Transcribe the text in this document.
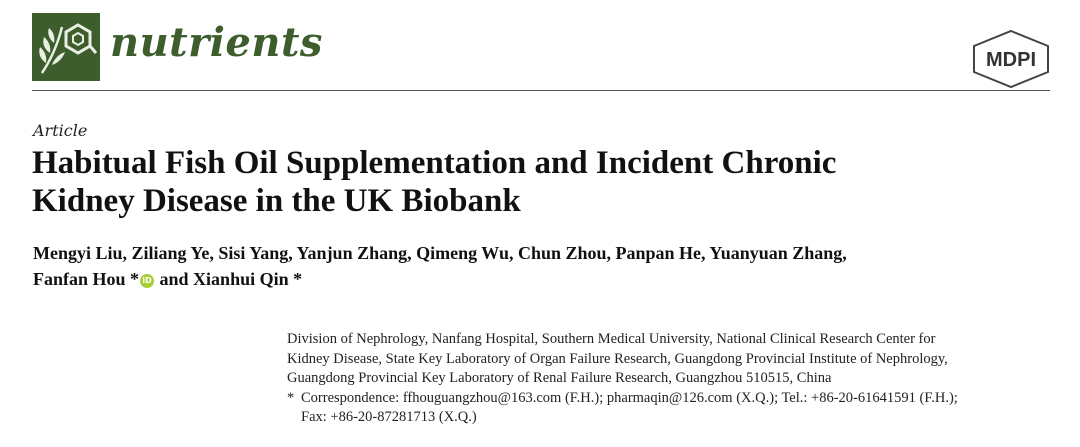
nutrients	MDPI
Article
Habitual Fish Oil Supplementation and Incident Chronic
Kidney Disease in the UK Biobank
Mengyi Liu, Ziliang Ye, Sisi Yang, Yanjun Zhang, Qimeng Wu, Chun Zhou, Panpan He, Yuanyuan Zhang,
Fanfan Hou * iD and Xianhui Qin *

Division of Nephrology, Nanfang Hospital, Southern Medical University, National Clinical Research Center for

Kidney Disease, State Key Laboratory of Organ Failure Research, Guangdong Provincial Institute of Nephrology,

Guangdong Provincial Key Laboratory of Renal Failure Research, Guangzhou 510515, China

* Correspondence: ffhouguangzhou@163.com (F.H.); pharmaqin@126.com (X.Q.); Tel.: +86-20-61641591 (F.H.);

Fax: +86-20-87281713 (X.Q.)
